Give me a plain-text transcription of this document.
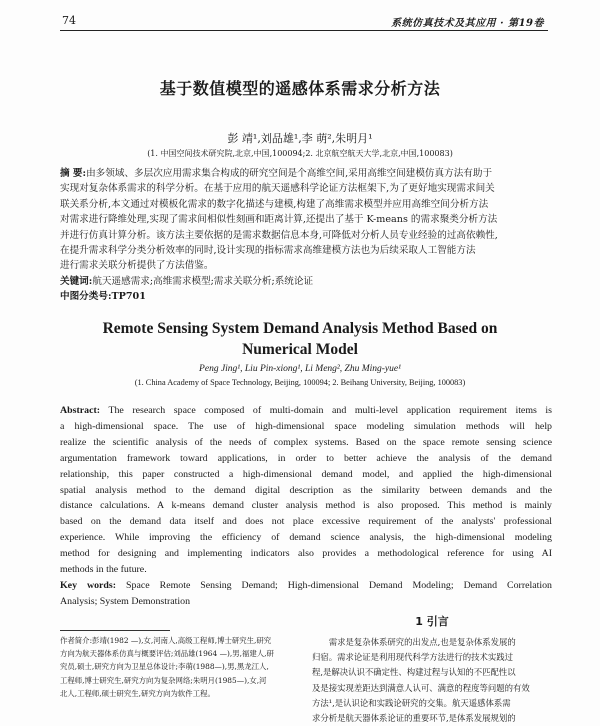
74	系统仿真技术及其应用 · 第19卷
基于数值模型的遥感体系需求分析方法
彭 靖¹,刘品雄¹,李 萌²,朱明月¹
(1. 中国空间技术研究院,北京,中国,100094;2. 北京航空航天大学,北京,中国,100083)
摘 要:由多领域、多层次应用需求集合构成的研究空间是个高维空间,采用高维空间建模仿真方法有助于
实现对复杂体系需求的科学分析。在基于应用的航天遥感科学论证方法框架下,为了更好地实现需求间关
联关系分析,本文通过对模板化需求的数字化描述与建模,构建了高维需求模型并应用高维空间分析方法
对需求进行降维处理,实现了需求间相似性刻画和距离计算,还提出了基于 K-means 的需求聚类分析方法
并进行仿真计算分析。该方法主要依据的是需求数据信息本身,可降低对分析人员专业经验的过高依赖性,
在提升需求科学分类分析效率的同时,设计实现的指标需求高维建模方法也为后续采取人工智能方法
进行需求关联分析提供了方法借鉴。
关键词:航天遥感需求;高维需求模型;需求关联分析;系统论证
中图分类号:TP701
Remote Sensing System Demand Analysis Method Based on
Numerical Model
Peng Jing¹, Liu Pin-xiong¹, Li Meng², Zhu Ming-yue¹
(1. China Academy of Space Technology, Beijing, 100094; 2. Beihang University, Beijing, 100083)
Abstract: The research space composed of multi-domain and multi-level application requirement items is
a high-dimensional space. The use of high-dimensional space modeling simulation methods will help
realize the scientific analysis of the needs of complex systems. Based on the space remote sensing science
argumentation framework toward applications, in order to better achieve the analysis of the demand
relationship, this paper constructed a high-dimensional demand model, and applied the high-dimensional
spatial analysis method to the demand digital description as the similarity between demands and the
distance calculations. A k-means demand cluster analysis method is also proposed. This method is mainly
based on the demand data itself and does not place excessive requirement of the analysts' professional
experience. While improving the efficiency of demand science analysis, the high-dimensional modeling
method for designing and implementing indicators also provides a methodological reference for using AI
methods in the future.
Key words: Space Remote Sensing Demand; High-dimensional Demand Modeling; Demand Correlation
Analysis; System Demonstration
作者简介:彭靖(1982 —),女,河南人,高级工程师,博士研究生,研究
方向为航天器体系仿真与概要评估;刘品雄(1964 —),男,福建人,研
究员,硕士,研究方向为卫星总体设计;李萌(1988—),男,黑龙江人,
工程师,博士研究生,研究方向为复杂网络;朱明月(1985—),女,河
北人,工程师,硕士研究生,研究方向为软件工程。
1 引言
需求是复杂体系研究的出发点,也是复杂体系发展的
归宿。需求论证是利用现代科学方法进行的技术实践过
程,是解决认识不确定性、构建过程与认知的不匹配性以
及是接实现差距达到满意人认可、满意的程度等问题的有效
方法¹,是认识论和实践论研究的交集。航天遥感体系需
求分析是航天器体系论证的重要环节,是体系发展规划的
